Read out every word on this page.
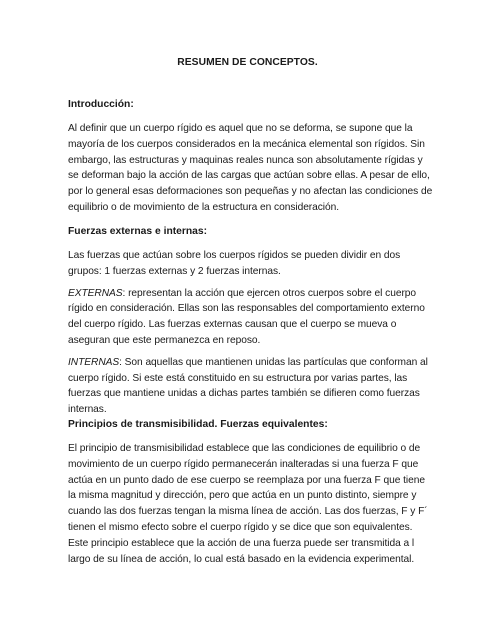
RESUMEN DE CONCEPTOS.

Introducción:

Al definir que un cuerpo rígido es aquel que no se deforma, se supone que la mayoría de los cuerpos considerados en la mecánica elemental son rígidos. Sin embargo, las estructuras y maquinas reales nunca son absolutamente rígidas y se deforman bajo la acción de las cargas que actúan sobre ellas. A pesar de ello, por lo general esas deformaciones son pequeñas y no afectan las condiciones de equilibrio o de movimiento de la estructura en consideración.

Fuerzas externas e internas:

Las fuerzas que actúan sobre los cuerpos rígidos se pueden dividir en dos grupos: 1 fuerzas externas y 2 fuerzas internas.

EXTERNAS: representan la acción que ejercen otros cuerpos sobre el cuerpo rígido en consideración. Ellas son las responsables del comportamiento externo del cuerpo rígido. Las fuerzas externas causan que el cuerpo se mueva o aseguran que este permanezca en reposo.

INTERNAS: Son aquellas que mantienen unidas las partículas que conforman al cuerpo rígido. Si este está constituido en su estructura por varias partes, las fuerzas que mantiene unidas a dichas partes también se difieren como fuerzas internas.

Principios de transmisibilidad. Fuerzas equivalentes:

El principio de transmisibilidad establece que las condiciones de equilibrio o de movimiento de un cuerpo rígido permanecerán inalteradas si una fuerza F que actúa en un punto dado de ese cuerpo se reemplaza por una fuerza F que tiene la misma magnitud y dirección, pero que actúa en un punto distinto, siempre y cuando las dos fuerzas tengan la misma línea de acción. Las dos fuerzas, F y F´ tienen el mismo efecto sobre el cuerpo rígido y se dice que son equivalentes. Este principio establece que la acción de una fuerza puede ser transmitida a l largo de su línea de acción, lo cual está basado en la evidencia experimental.
